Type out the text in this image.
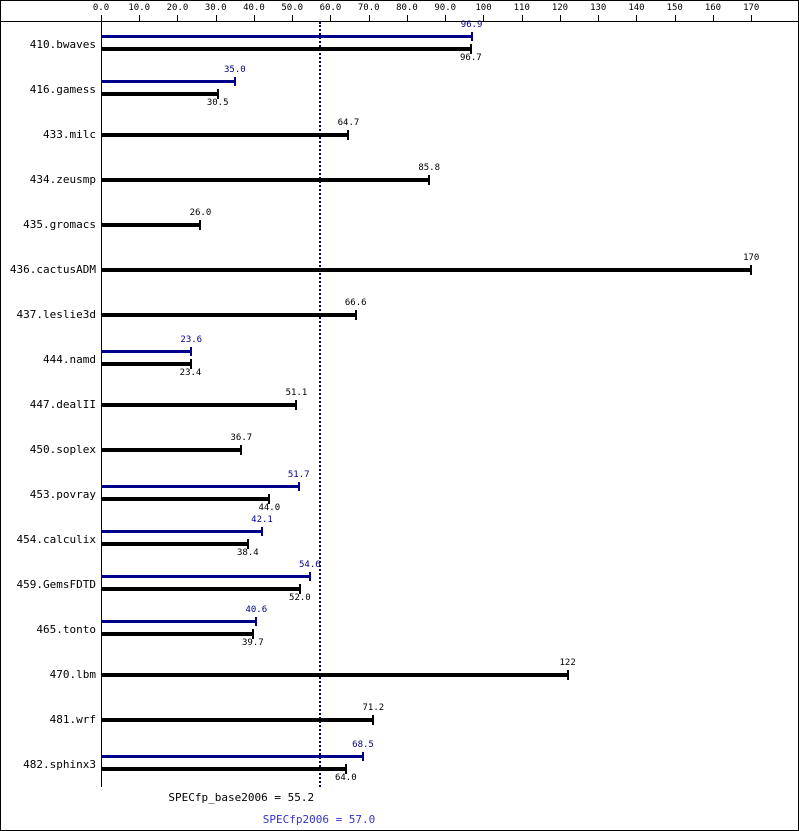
0.0 10.0 20.0 30.0 40.0 50.0 60.0 70.0 80.0 90.0 100 110 120 130 140 150 160 170
410.bwaves
96.9
96.7
416.gamess
35.0
30.5
433.milc
64.7
434.zeusmp
85.8
435.gromacs
26.0
436.cactusADM
170
437.leslie3d
66.6
444.namd
23.6
23.4
447.dealII
51.1
450.soplex
36.7
453.povray
51.7
44.0
454.calculix
42.1
38.4
459.GemsFDTD
54.6
52.0
465.tonto
40.6
39.7
470.lbm
122
481.wrf
71.2
482.sphinx3
68.5
64.0
SPECfp_base2006 = 55.2
SPECfp2006 = 57.0
